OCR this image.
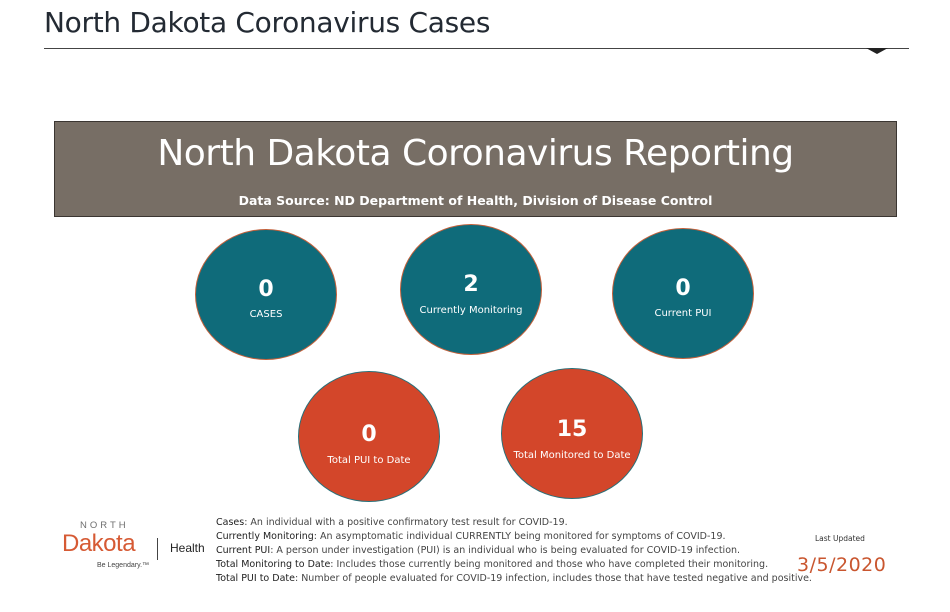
North Dakota Coronavirus Cases
North Dakota Coronavirus Reporting
Data Source: ND Department of Health, Division of Disease Control
0
CASES
2
Currently Monitoring
0
Current PUI
0
Total PUI to Date
15
Total Monitored to Date
NORTH
Dakota	Health
Be Legendary.™
Cases: An individual with a positive confirmatory test result for COVID-19.
Currently Monitoring: An asymptomatic individual CURRENTLY being monitored for symptoms of COVID-19.
Current PUI: A person under investigation (PUI) is an individual who is being evaluated for COVID-19 infection.
Total Monitoring to Date: Includes those currently being monitored and those who have completed their monitoring.
Total PUI to Date: Number of people evaluated for COVID-19 infection, includes those that have tested negative and positive.
Last Updated
3/5/2020
